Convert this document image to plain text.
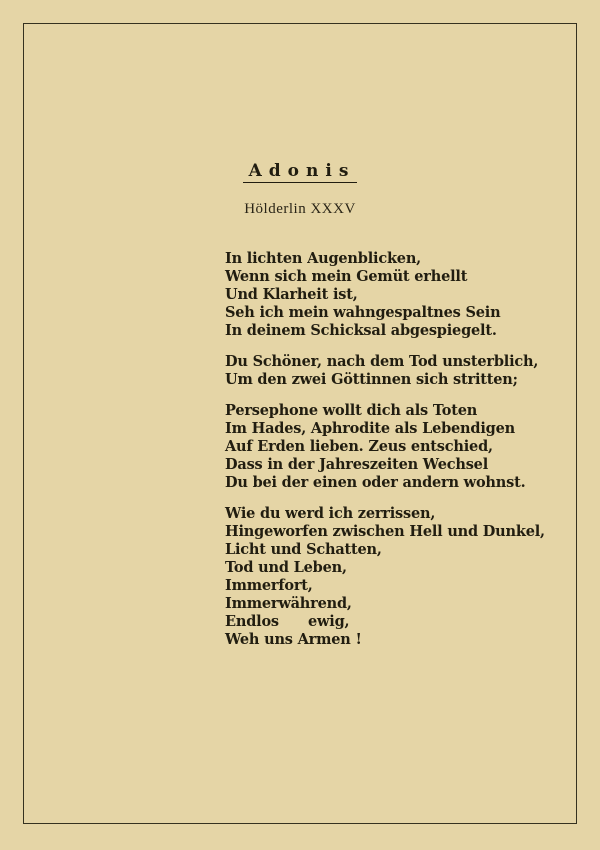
Adonis
Hölderlin XXXV
In lichten Augenblicken,
Wenn sich mein Gemüt erhellt
Und Klarheit ist,
Seh ich mein wahngespaltnes Sein
In deinem Schicksal abgespiegelt.
Du Schöner, nach dem Tod unsterblich,
Um den zwei Göttinnen sich stritten;
Persephone wollt dich als Toten
Im Hades, Aphrodite als Lebendigen
Auf Erden lieben. Zeus entschied,
Dass in der Jahreszeiten Wechsel
Du bei der einen oder andern wohnst.
Wie du werd ich zerrissen,
Hingeworfen zwischen Hell und Dunkel,
Licht und Schatten,
Tod und Leben,
Immerfort,
Immerwährend,
Endlos      ewig,
Weh uns Armen !
